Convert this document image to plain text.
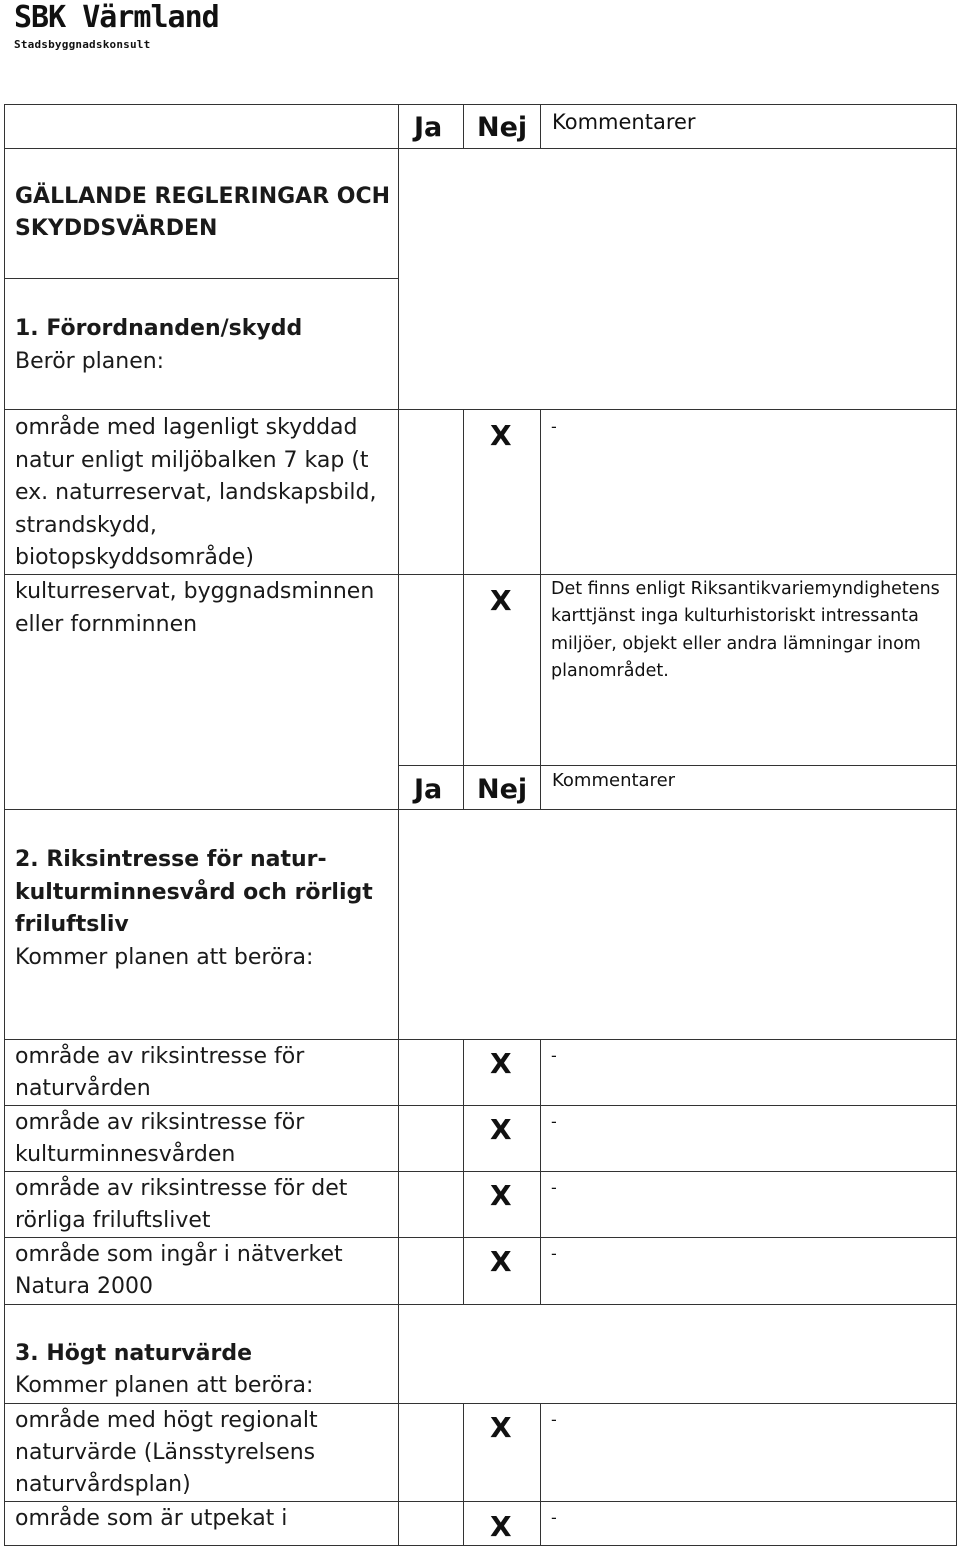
SBK Värmland
Stadsbyggnadskonsult
Ja Nej Kommentarer
GÄLLANDE REGLERINGAR OCH
SKYDDSVÄRDEN
1. Förordnanden/skydd
Berör planen:
område med lagenligt skyddad
natur enligt miljöbalken 7 kap (t
ex. naturreservat, landskapsbild,
strandskydd,
biotopskyddsområde)
X -
kulturreservat, byggnadsminnen
eller fornminnen
X Det finns enligt Riksantikvariemyndighetens
karttjänst inga kulturhistoriskt intressanta
miljöer, objekt eller andra lämningar inom
planområdet.
Ja Nej Kommentarer
2. Riksintresse för natur-
kulturminnesvård och rörligt
friluftsliv
Kommer planen att beröra:
område av riksintresse för
naturvården
X -
område av riksintresse för
kulturminnesvården
X -
område av riksintresse för det
rörliga friluftslivet
X -
område som ingår i nätverket
Natura 2000
X -
3. Högt naturvärde
Kommer planen att beröra:
område med högt regionalt
naturvärde (Länsstyrelsens
naturvårdsplan)
X -
område som är utpekat i	X -
